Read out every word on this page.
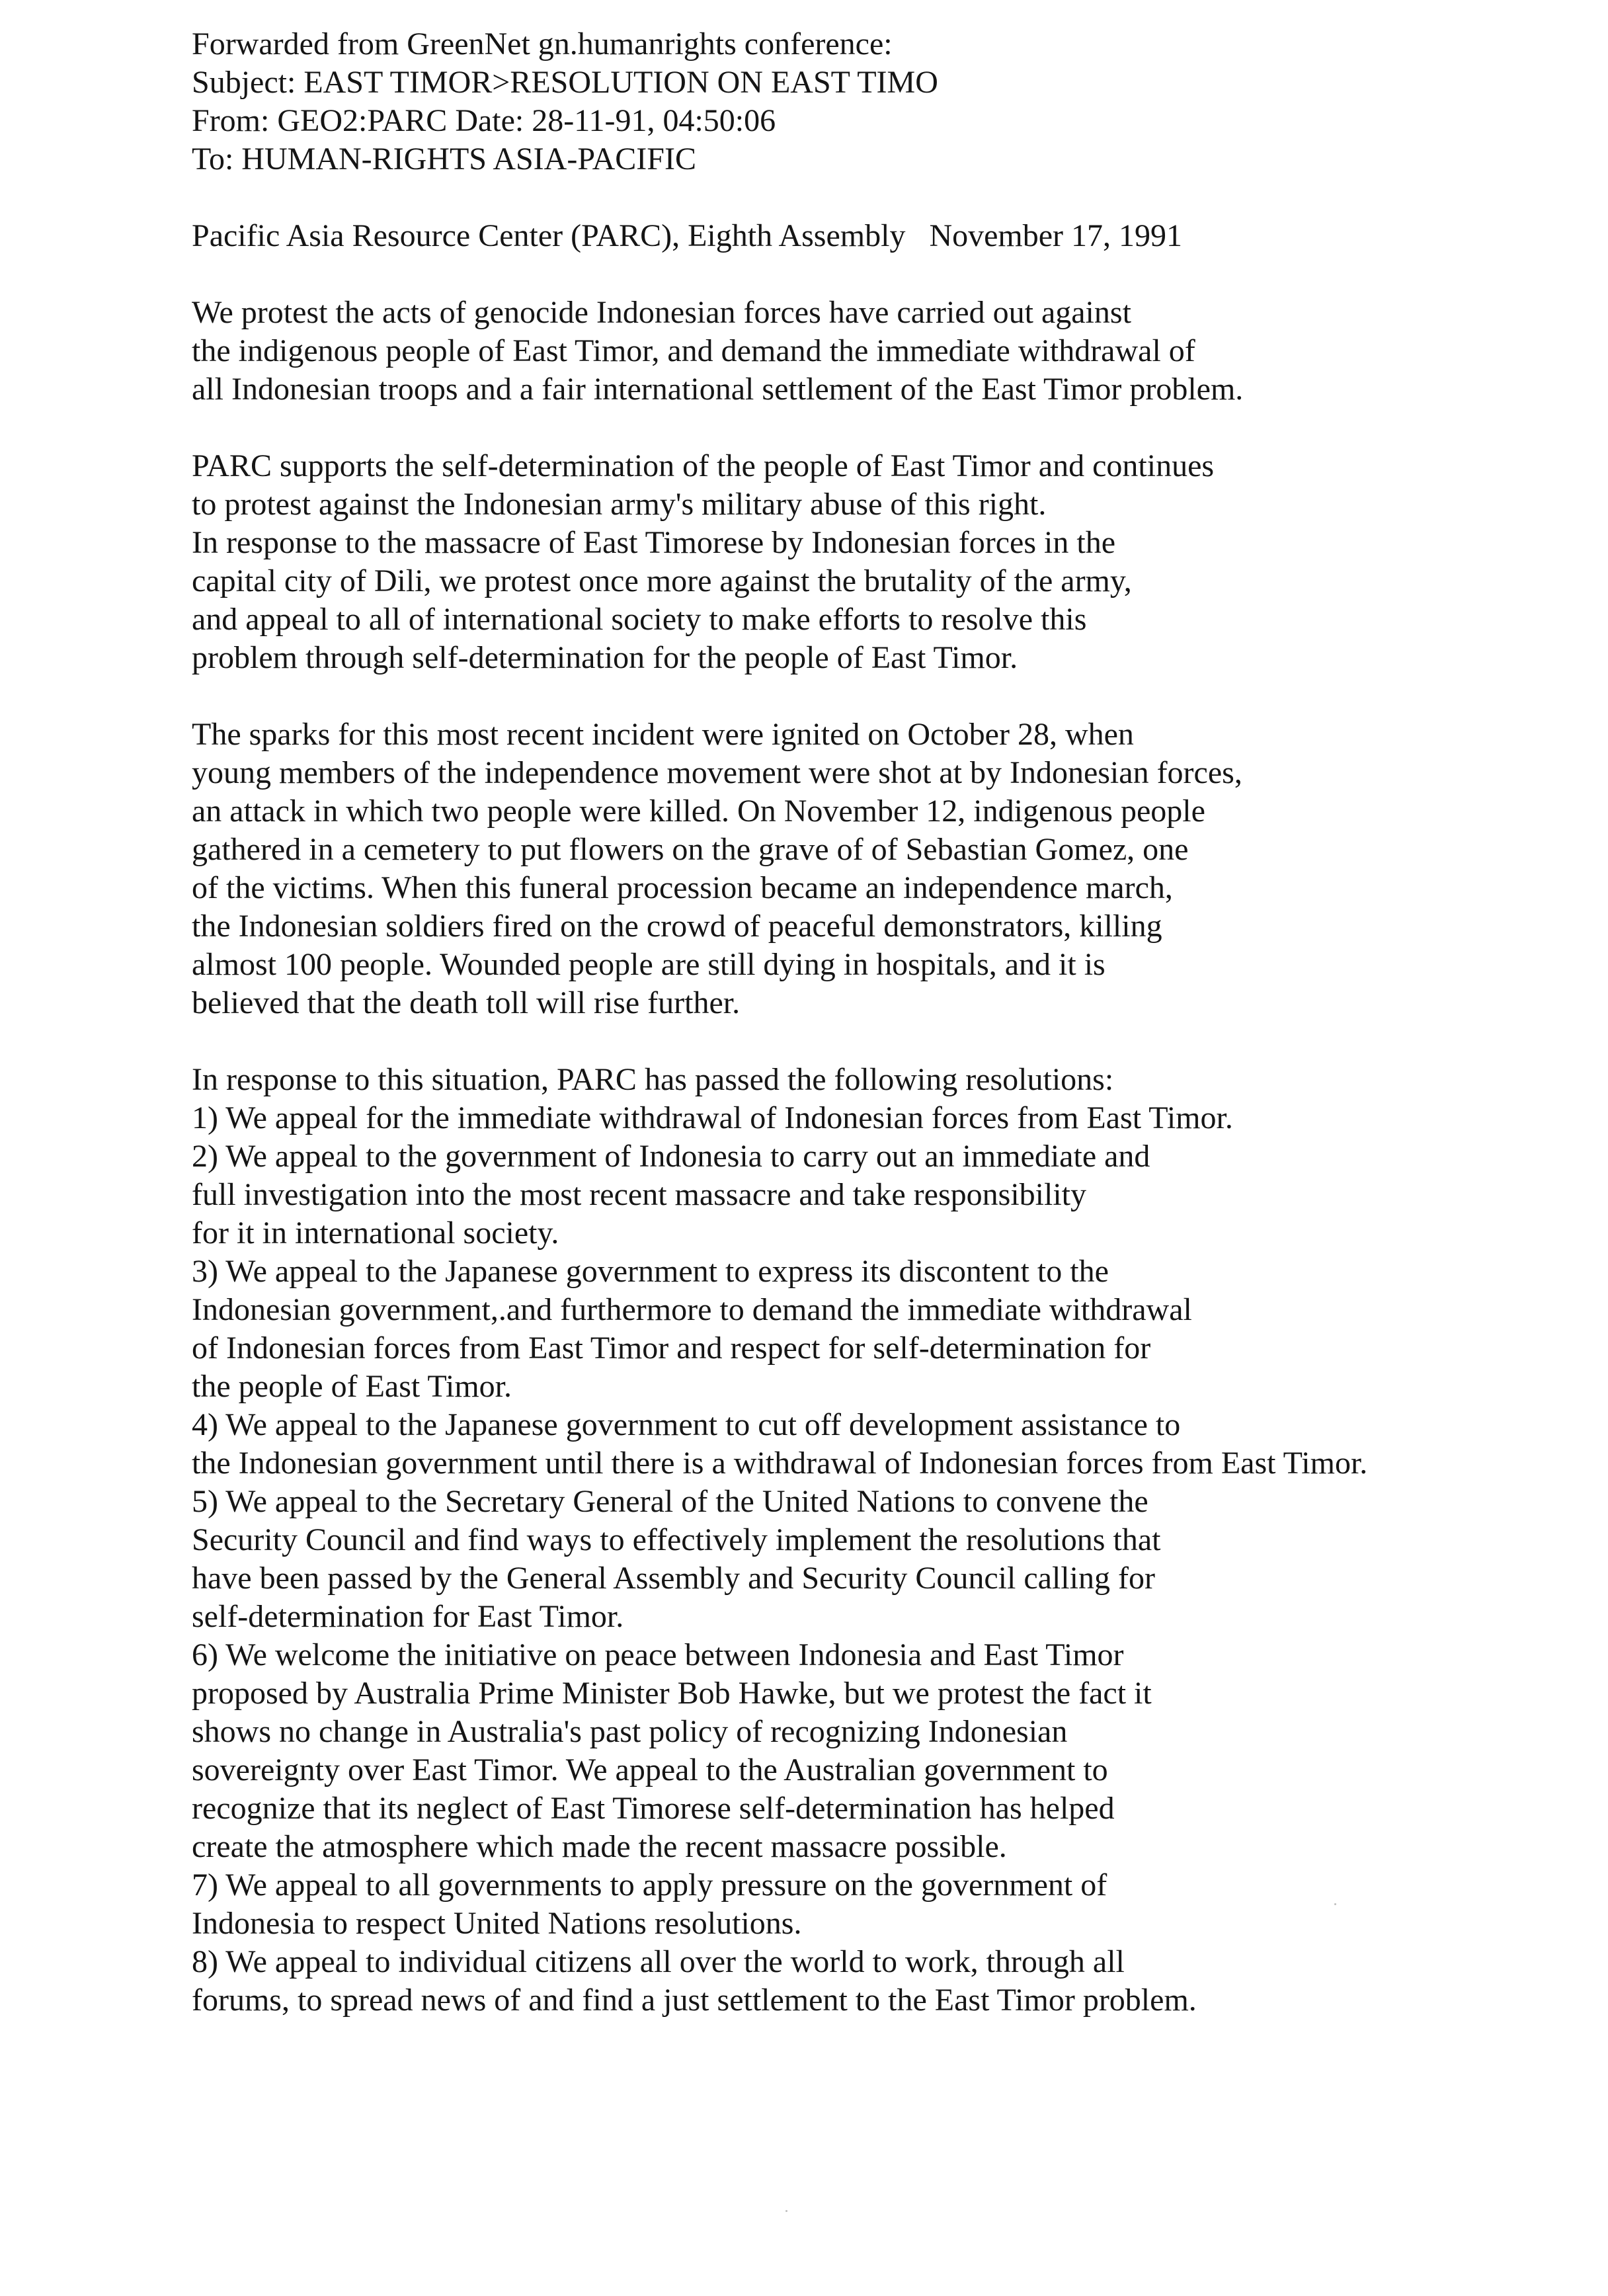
Forwarded from GreenNet gn.humanrights conference:
Subject: EAST TIMOR>RESOLUTION ON EAST TIMO
From: GEO2:PARC Date: 28-11-91, 04:50:06
To: HUMAN-RIGHTS ASIA-PACIFIC
Pacific Asia Resource Center (PARC), Eighth Assembly   November 17, 1991
We protest the acts of genocide Indonesian forces have carried out against
the indigenous people of East Timor, and demand the immediate withdrawal of
all Indonesian troops and a fair international settlement of the East Timor problem.
PARC supports the self-determination of the people of East Timor and continues
to protest against the Indonesian army's military abuse of this right.
In response to the massacre of East Timorese by Indonesian forces in the
capital city of Dili, we protest once more against the brutality of the army,
and appeal to all of international society to make efforts to resolve this
problem through self-determination for the people of East Timor.
The sparks for this most recent incident were ignited on October 28, when
young members of the independence movement were shot at by Indonesian forces,
an attack in which two people were killed. On November 12, indigenous people
gathered in a cemetery to put flowers on the grave of of Sebastian Gomez, one
of the victims. When this funeral procession became an independence march,
the Indonesian soldiers fired on the crowd of peaceful demonstrators, killing
almost 100 people. Wounded people are still dying in hospitals, and it is
believed that the death toll will rise further.
In response to this situation, PARC has passed the following resolutions:
1) We appeal for the immediate withdrawal of Indonesian forces from East Timor.
2) We appeal to the government of Indonesia to carry out an immediate and
full investigation into the most recent massacre and take responsibility
for it in international society.
3) We appeal to the Japanese government to express its discontent to the
Indonesian government,.and furthermore to demand the immediate withdrawal
of Indonesian forces from East Timor and respect for self-determination for
the people of East Timor.
4) We appeal to the Japanese government to cut off development assistance to
the Indonesian government until there is a withdrawal of Indonesian forces from East Timor.
5) We appeal to the Secretary General of the United Nations to convene the
Security Council and find ways to effectively implement the resolutions that
have been passed by the General Assembly and Security Council calling for
self-determination for East Timor.
6) We welcome the initiative on peace between Indonesia and East Timor
proposed by Australia Prime Minister Bob Hawke, but we protest the fact it
shows no change in Australia's past policy of recognizing Indonesian
sovereignty over East Timor. We appeal to the Australian government to
recognize that its neglect of East Timorese self-determination has helped
create the atmosphere which made the recent massacre possible.
7) We appeal to all governments to apply pressure on the government of
Indonesia to respect United Nations resolutions.
8) We appeal to individual citizens all over the world to work, through all
forums, to spread news of and find a just settlement to the East Timor problem.
